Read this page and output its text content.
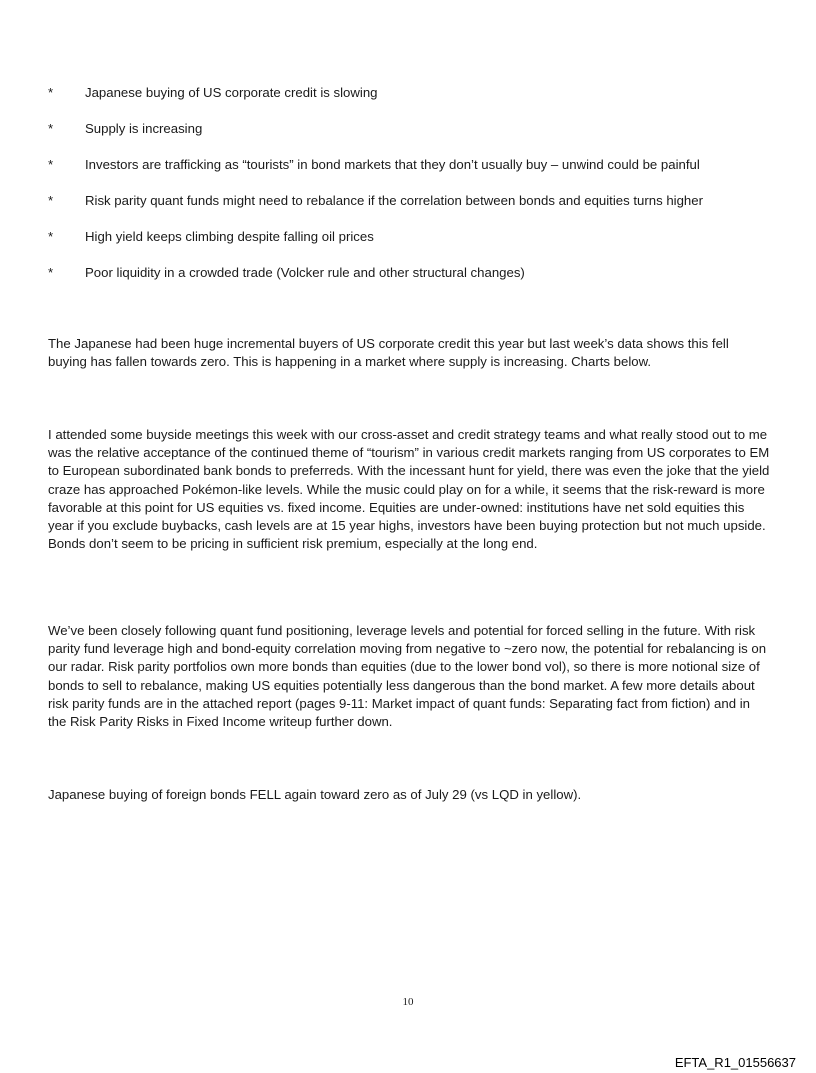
* Japanese buying of US corporate credit is slowing
* Supply is increasing
* Investors are trafficking as “tourists” in bond markets that they don’t usually buy – unwind could be painful
* Risk parity quant funds might need to rebalance if the correlation between bonds and equities turns higher
* High yield keeps climbing despite falling oil prices
* Poor liquidity in a crowded trade (Volcker rule and other structural changes)

The Japanese had been huge incremental buyers of US corporate credit this year but last week’s data shows this fell buying has fallen towards zero. This is happening in a market where supply is increasing. Charts below.

I attended some buyside meetings this week with our cross-asset and credit strategy teams and what really stood out to me was the relative acceptance of the continued theme of “tourism” in various credit markets ranging from US corporates to EM to European subordinated bank bonds to preferreds. With the incessant hunt for yield, there was even the joke that the yield craze has approached Pokémon-like levels. While the music could play on for a while, it seems that the risk-reward is more favorable at this point for US equities vs. fixed income. Equities are under-owned: institutions have net sold equities this year if you exclude buybacks, cash levels are at 15 year highs, investors have been buying protection but not much upside. Bonds don’t seem to be pricing in sufficient risk premium, especially at the long end.

We’ve been closely following quant fund positioning, leverage levels and potential for forced selling in the future. With risk parity fund leverage high and bond-equity correlation moving from negative to ~zero now, the potential for rebalancing is on our radar. Risk parity portfolios own more bonds than equities (due to the lower bond vol), so there is more notional size of bonds to sell to rebalance, making US equities potentially less dangerous than the bond market. A few more details about risk parity funds are in the attached report (pages 9-11: Market impact of quant funds: Separating fact from fiction) and in the Risk Parity Risks in Fixed Income writeup further down.

Japanese buying of foreign bonds FELL again toward zero as of July 29 (vs LQD in yellow).

10
EFTA_R1_01556637
